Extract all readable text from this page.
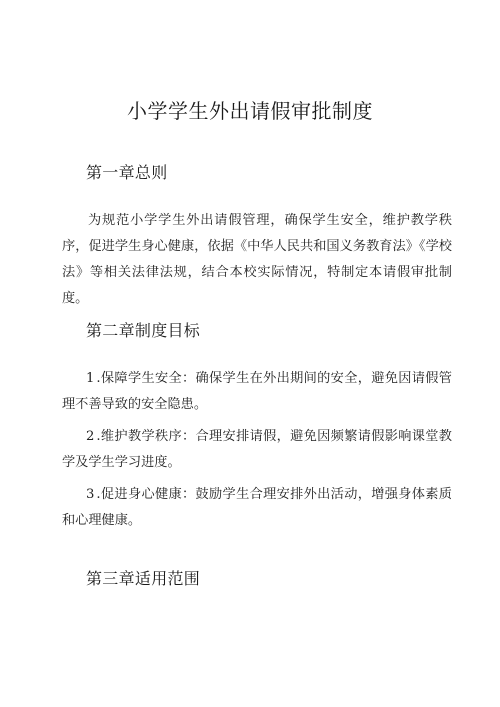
小学学生外出请假审批制度
第一章总则

为规范小学学生外出请假管理，确保学生安全，维护教学秩序，促进学生身心健康，依据《中华人民共和国义务教育法》《学校法》等相关法律法规，结合本校实际情况，特制定本请假审批制度。

第二章制度目标

1 .保障学生安全：确保学生在外出期间的安全，避免因请假管理不善导致的安全隐患。

2 .维护教学秩序：合理安排请假，避免因频繁请假影响课堂教学及学生学习进度。

3 .促进身心健康：鼓励学生合理安排外出活动，增强身体素质和心理健康。

第三章适用范围
